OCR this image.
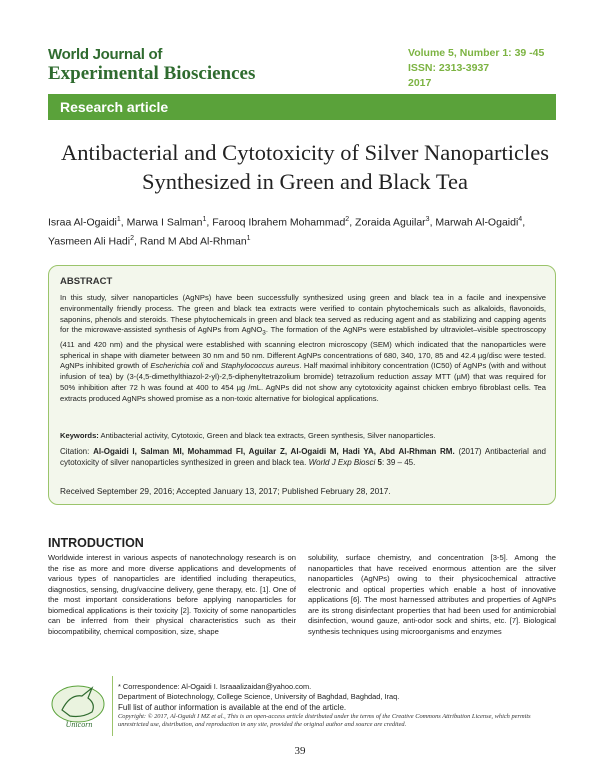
World Journal of
Experimental Biosciences
Volume 5, Number 1: 39 -45
ISSN: 2313-3937
2017
Research article
Antibacterial and Cytotoxicity of Silver Nanoparticles Synthesized in Green and Black Tea
Israa Al-Ogaidi$^1$, Marwa I Salman$^1$, Farooq Ibrahem Mohammad$^2$, Zoraida Aguilar$^3$, Marwah Al-Ogaidi$^4$, Yasmeen Ali Hadi$^2$, Rand M Abd Al-Rhman$^1$
ABSTRACT
In this study, silver nanoparticles (AgNPs) have been successfully synthesized using green and black tea in a facile and inexpensive environmentally friendly process. The green and black tea extracts were verified to contain phytochemicals such as alkaloids, flavonoids, saponins, phenols and steroids. These phytochemicals in green and black tea served as reducing agent and as stabilizing and capping agents for the microwave-assisted synthesis of AgNPs from AgNO$_3$. The formation of the AgNPs were established by ultraviolet–visible spectroscopy (411 and 420 nm) and the physical were established with scanning electron microscopy (SEM) which indicated that the nanoparticles were spherical in shape with diameter between 30 nm and 50 nm. Different AgNPs concentrations of 680, 340, 170, 85 and 42.4 µg/disc were tested. AgNPs inhibited growth of Escherichia coli and Staphylococcus aureus. Half maximal inhibitory concentration (IC50) of AgNPs (with and without infusion of tea) by (3-(4,5-dimethylthiazol-2-yl)-2,5-diphenyltetrazolium bromide) tetrazolium reduction assay MTT (µM) that was required for 50% inhibition after 72 h was found at 400 to 454 µg /mL. AgNPs did not show any cytotoxicity against chicken embryo fibroblast cells. Tea extracts produced AgNPs showed promise as a non-toxic alternative for biological applications.
Keywords: Antibacterial activity, Cytotoxic, Green and black tea extracts, Green synthesis, Silver nanoparticles.
Citation: Al-Ogaidi I, Salman MI, Mohammad FI, Aguilar Z, Al-Ogaidi M, Hadi YA, Abd Al-Rhman RM. (2017) Antibacterial and cytotoxicity of silver nanoparticles synthesized in green and black tea. World J Exp Biosci 5: 39 – 45.
Received September 29, 2016; Accepted January 13, 2017; Published February 28, 2017.
INTRODUCTION
Worldwide interest in various aspects of nanotechnology research is on the rise as more and more diverse applications and developments of various types of nanoparticles are identified including therapeutics, diagnostics, sensing, drug/vaccine delivery, gene therapy, etc. [1]. One of the most important considerations before applying nanoparticles for biomedical applications is their toxicity [2]. Toxicity of some nanoparticles can be inferred from their physical characteristics such as their biocompatibility, chemical composition, size, shape
solubility, surface chemistry, and concentration [3-5]. Among the nanoparticles that have received enormous attention are the silver nanoparticles (AgNPs) owing to their physicochemical attractive electronic and optical properties which enable a host of innovative applications [6]. The most harnessed attributes and properties of AgNPs are its strong disinfectant properties that had been used for antimicrobial disinfection, wound gauze, anti-odor sock and shirts, etc. [7]. Biological synthesis techniques using microorganisms and enzymes
Unicorn
* Correspondence: Al-Ogaidi I. Israaalizaidan@yahoo.com.
Department of Biotechnology, College Science, University of Baghdad, Baghdad, Iraq.
Full list of author information is available at the end of the article.
Copyright: © 2017, Al-Ogaidi I MZ et al., This is an open-access article distributed under the terms of the Creative Commons Attribution License, which permits unrestricted use, distribution, and reproduction in any site, provided the original author and source are credited.
39
